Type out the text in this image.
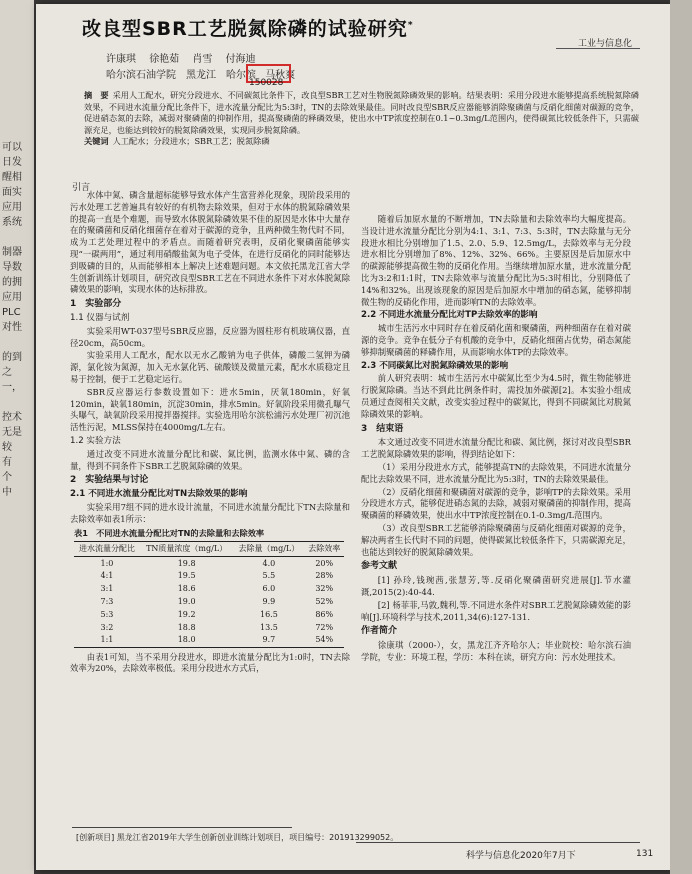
可以
日发
醒相
面实
应用
系统

制器
导数
的拥
应用
PLC
对性

的到
之
一，

控术
无是
较
有
个
中
改良型SBR工艺脱氮除磷的试验研究*
工业与信息化
许康琪 徐艳茹 肖雪 付海迪
哈尔滨石油学院　黑龙江　哈尔滨 马秋爽
150028
摘　要 采用人工配水，研究分段进水、不同碳氮比条件下，改良型SBR工艺对生物脱氮除磷效果的影响。结果表明：采用分段进水能够提高系统脱氮除磷效果，不同进水流量分配比条件下，进水流量分配比为5:3时，TN的去除效果最佳。同时改良型SBR反应器能够消除聚磷菌与反硝化细菌对碳源的竞争，促进硝态氮的去除，减弱对聚磷菌的抑制作用，提高聚磷菌的释磷效果，使出水中TP浓度控制在0.1~0.3mg/L范围内，使得碳氮比较低条件下，只需碳源充足，也能达到较好的脱氮除磷效果，实现同步脱氮除磷。
关键词 人工配水；分段进水；SBR工艺；脱氮除磷
引言

水体中氮、磷含量超标能够导致水体产生富营养化现象，现阶段采用的污水处理工艺普遍具有较好的有机物去除效果，但对于水体的脱氮除磷效果的提高一直是个难题，而导致水体脱氮除磷效果不佳的原因是水体中大量存在的聚磷菌和反硝化细菌存在着对于碳源的竞争，且两种微生物代时不同，成为工艺处理过程中的矛盾点。而随着研究表明，反硝化聚磷菌能够实现“一碳两用”，通过利用硝酸盐氮为电子受体，在进行反硝化的同时能够达到吸磷的目的，从而能够相本上解决上述难题问题。本文依托黑龙江省大学生创新训练计划项目，研究改良型SBR工艺在不同进水条件下对水体脱氮除磷效果的影响，实现水体的达标排放。

1　实验部分
1.1 仪器与试剂

实验采用WT-037型号SBR反应器，反应器为圆柱形有机玻璃仪器，直径20cm，高50cm。

实验采用人工配水，配水以无水乙酸钠为电子供体，磷酸二氢钾为磷源，氯化铵为氮源，加入无水氯化钙、硫酸镁及微量元素，配水水质稳定且易于控制，便于工艺稳定运行。

SBR反应器运行参数设置如下：进水5min，厌氧180min，好氧120min，缺氧180min，沉淀30min，排水5min。好氧阶段采用微孔曝气头曝气，缺氧阶段采用搅拌器搅拌。实验选用哈尔滨松浦污水处理厂初沉池活性污泥，MLSS保持在4000mg/L左右。

1.2 实验方法

通过改变不同进水流量分配比和碳、氮比例，监测水体中氮、磷的含量，得到不同条件下SBR工艺脱氮除磷的效果。

2　实验结果与讨论
2.1 不同进水流量分配比对TN去除效果的影响

实验采用7组不同的进水设计流量，不同进水流量分配比下TN去除量和去除效率如表1所示：

表1　不同进水流量分配比对TN的去除量和去除效率
进水流量分配比	TN质量浓度（mg/L）	去除量（mg/L）	去除效率
1:0	19.8	4.0	20%
4:1	19.5	5.5	28%
3:1	18.6	6.0	32%
7:3	19.0	9.9	52%
5:3	19.2	16.5	86%
3:2	18.8	13.5	72%
1:1	18.0	9.7	54%

由表1可知，当不采用分段进水，即进水流量分配比为1:0时，TN去除效率为20%，去除效率极低。采用分段进水方式后，

随着后加原水量的不断增加，TN去除量和去除效率均大幅度提高。当设计进水流量分配比分别为4:1、3:1、7:3、5:3时，TN去除量与无分段进水相比分别增加了1.5、2.0、5.9、12.5mg/L，去除效率与无分段进水相比分别增加了8%、12%、32%、66%。主要原因是后加原水中的碳源能够提高微生物的反硝化作用。当继续增加原水量，进水流量分配比为3:2和1:1时，TN去除效率与流量分配比为5:3时相比，分别降低了14%和32%。出现该现象的原因是后加原水中增加的硝态氮，能够抑制微生物的反硝化作用，进而影响TN的去除效率。

2.2 不同进水流量分配比对TP去除效率的影响

城市生活污水中同时存在着反硝化菌和聚磷菌，两种细菌存在着对碳源的竞争。竞争在低分子有机酸的竞争中，反硝化细菌占优势，硝态氮能够抑制聚磷菌的释磷作用，从而影响水体TP的去除效率。

2.3 不同碳氮比对脱氮除磷效果的影响

前人研究表明：城市生活污水中碳氮比至少为4.5时，微生物能够进行脱氮除磷。当达不到此比例条件时，需投加外碳源[2]。本实验小组成员通过查阅相关文献，改变实验过程中的碳氮比，得到不同碳氮比对脱氮除磷效果的影响。

3　结束语

本文通过改变不同进水流量分配比和碳、氮比例，探讨对改良型SBR工艺脱氮除磷效果的影响，得到结论如下：

（1）采用分段进水方式，能够提高TN的去除效果，不同进水流量分配比去除效果不同，进水流量分配比为5:3时，TN的去除效果最佳。

（2）反硝化细菌和聚磷菌对碳源的竞争，影响TP的去除效果。采用分段进水方式，能够促进硝态氮的去除，减弱对聚磷菌的抑制作用，提高聚磷菌的释磷效果，使出水中TP浓度控制在0.1-0.3mg/L范围内。

（3）改良型SBR工艺能够消除聚磷菌与反硝化细菌对碳源的竞争，解决两者生长代时不同的问题，使得碳氮比较低条件下，只需碳源充足，也能达到较好的脱氮除磷效果。

参考文献

[1] 孙玲,钱琬茜,张慧芳,等.反硝化聚磷菌研究进展[J].节水灌溉,2015(2):40-44.

[2] 杨菲菲,马敦,魏利,等.不同进水条件对SBR工艺脱氮除磷效能的影响[J].环境科学与技术,2011,34(6):127-131.

作者简介

徐康琪（2000-），女，黑龙江齐齐哈尔人；毕业院校：哈尔滨石油学院，专业：环境工程，学历：本科在读，研究方向：污水处理技术。

[创新项目] 黑龙江省2019年大学生创新创业训练计划项目，项目编号：201913299052。
科学与信息化2020年7月下	131
